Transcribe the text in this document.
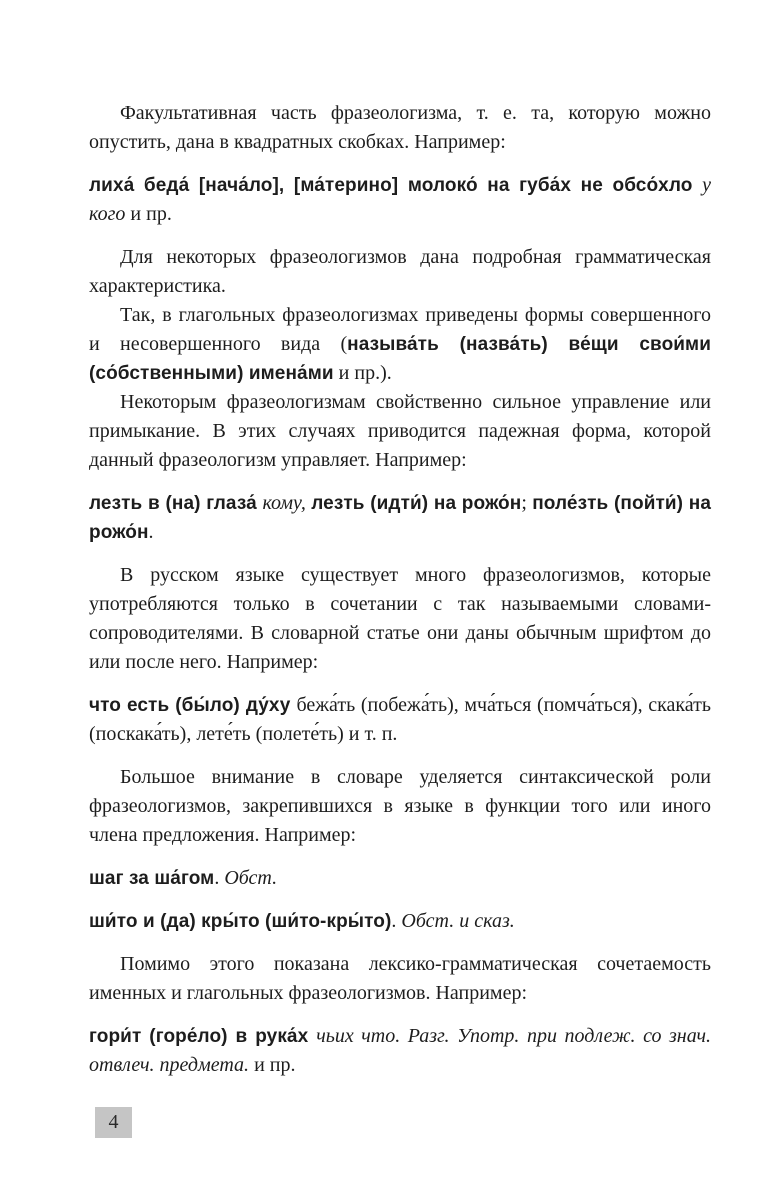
Факультативная часть фразеологизма, т. е. та, которую можно опустить, дана в квадратных скобках. Например:

лиха́ беда́ [нача́ло], [ма́терино] молоко́ на губа́х не обсо́хло у кого и пр.

Для некоторых фразеологизмов дана подробная грамматическая характеристика.

Так, в глагольных фразеологизмах приведены формы совершенного и несовершенного вида (называ́ть (назва́ть) ве́щи свои́ми (со́бственными) имена́ми и пр.).

Некоторым фразеологизмам свойственно сильное управление или примыкание. В этих случаях приводится падежная форма, которой данный фразеологизм управляет. Например:

лезть в (на) глаза́ кому, лезть (идти́) на рожо́н; поле́зть (пойти́) на рожо́н.

В русском языке существует много фразеологизмов, которые употребляются только в сочетании с так называемыми словами-сопроводителями. В словарной статье они даны обычным шрифтом до или после него. Например:

что есть (бы́ло) ду́ху бежа́ть (побежа́ть), мча́ться (помча́ться), скака́ть (поскака́ть), лете́ть (полете́ть) и т. п.

Большое внимание в словаре уделяется синтаксической роли фразеологизмов, закрепившихся в языке в функции того или иного члена предложения. Например:

шаг за ша́гом. Обст.

ши́то и (да) кры́то (ши́то-кры́то). Обст. и сказ.

Помимо этого показана лексико-грамматическая сочетаемость именных и глагольных фразеологизмов. Например:

гори́т (горе́ло) в рука́х чьих что. Разг. Употр. при подлеж. со знач. отвлеч. предмета. и пр.

4
